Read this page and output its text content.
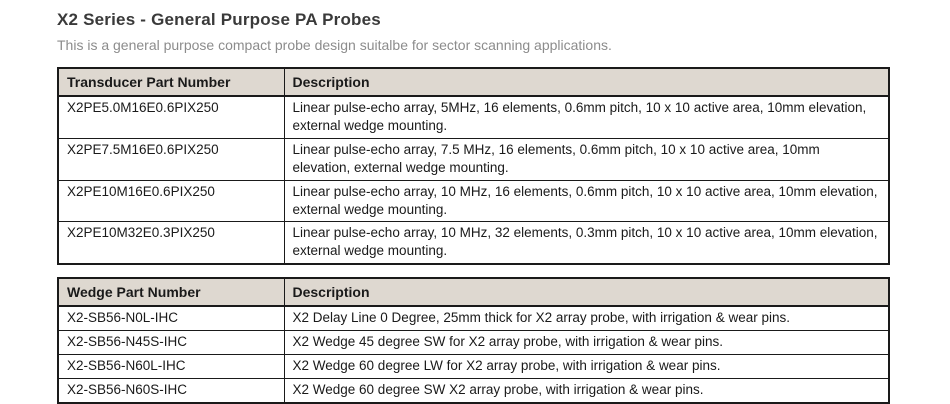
X2 Series - General Purpose PA Probes

This is a general purpose compact probe design suitalbe for sector scanning applications.

Transducer Part Number	Description
X2PE5.0M16E0.6PIX250	Linear pulse-echo array, 5MHz, 16 elements, 0.6mm pitch, 10 x 10 active area, 10mm elevation, external wedge mounting.
X2PE7.5M16E0.6PIX250	Linear pulse-echo array, 7.5 MHz, 16 elements, 0.6mm pitch, 10 x 10 active area, 10mm elevation, external wedge mounting.
X2PE10M16E0.6PIX250	Linear pulse-echo array, 10 MHz, 16 elements, 0.6mm pitch, 10 x 10 active area, 10mm elevation, external wedge mounting.
X2PE10M32E0.3PIX250	Linear pulse-echo array, 10 MHz, 32 elements, 0.3mm pitch, 10 x 10 active area, 10mm elevation, external wedge mounting.
Wedge Part Number	Description
X2-SB56-N0L-IHC	X2 Delay Line 0 Degree, 25mm thick for X2 array probe, with irrigation & wear pins.
X2-SB56-N45S-IHC	X2 Wedge 45 degree SW for X2 array probe, with irrigation & wear pins.
X2-SB56-N60L-IHC	X2 Wedge 60 degree LW for X2 array probe, with irrigation & wear pins.
X2-SB56-N60S-IHC	X2 Wedge 60 degree SW X2 array probe, with irrigation & wear pins.
